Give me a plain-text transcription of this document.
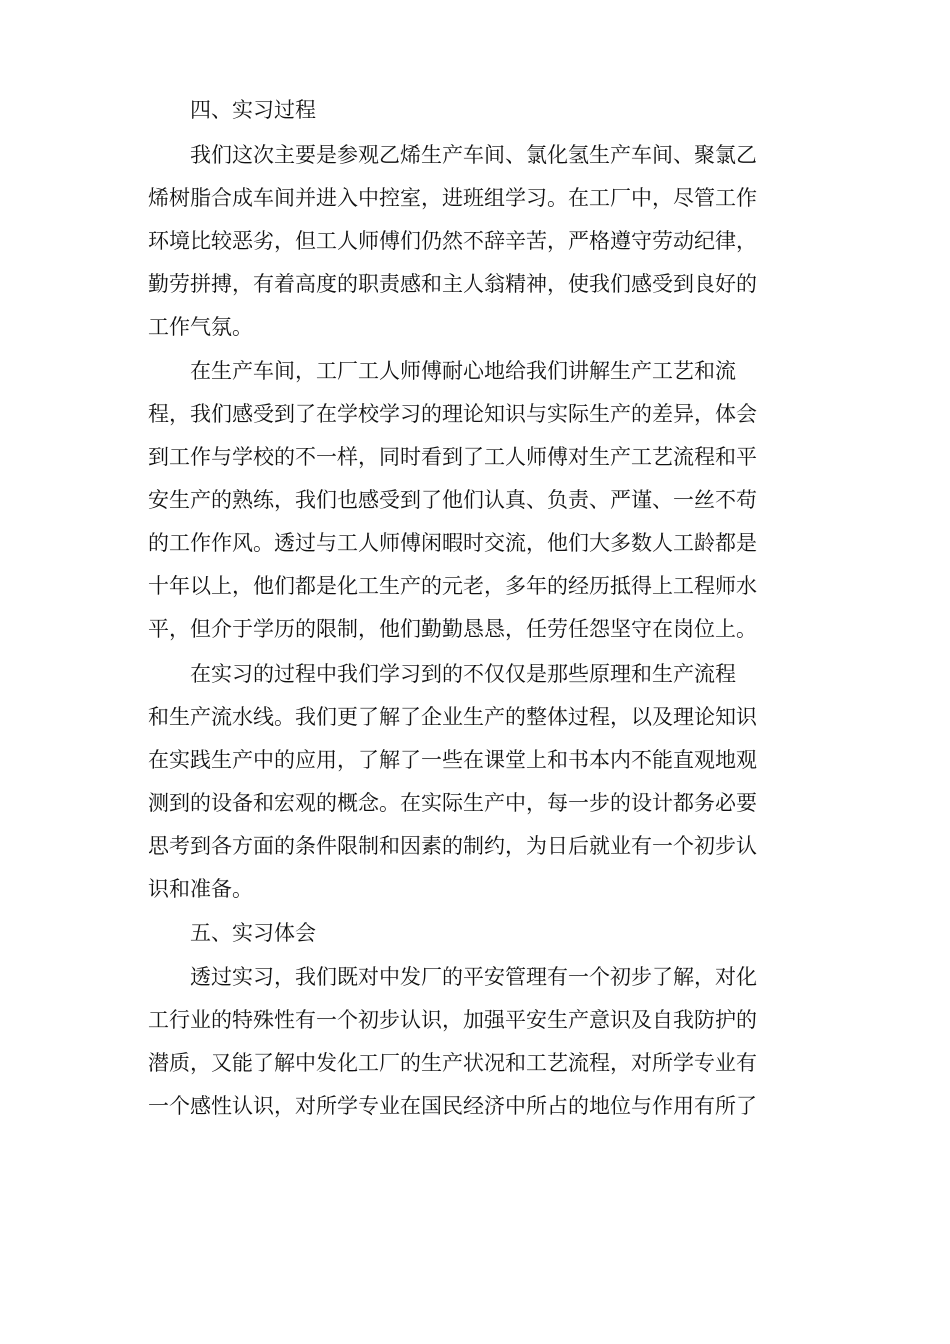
四、实习过程
我们这次主要是参观乙烯生产车间、氯化氢生产车间、聚氯乙
烯树脂合成车间并进入中控室，进班组学习。在工厂中，尽管工作
环境比较恶劣，但工人师傅们仍然不辞辛苦，严格遵守劳动纪律，
勤劳拼搏，有着高度的职责感和主人翁精神，使我们感受到良好的
工作气氛。
在生产车间，工厂工人师傅耐心地给我们讲解生产工艺和流
程，我们感受到了在学校学习的理论知识与实际生产的差异，体会
到工作与学校的不一样，同时看到了工人师傅对生产工艺流程和平
安生产的熟练，我们也感受到了他们认真、负责、严谨、一丝不苟
的工作作风。透过与工人师傅闲暇时交流，他们大多数人工龄都是
十年以上，他们都是化工生产的元老，多年的经历抵得上工程师水
平，但介于学历的限制，他们勤勤恳恳，任劳任怨坚守在岗位上。
在实习的过程中我们学习到的不仅仅是那些原理和生产流程
和生产流水线。我们更了解了企业生产的整体过程，以及理论知识
在实践生产中的应用，了解了一些在课堂上和书本内不能直观地观
测到的设备和宏观的概念。在实际生产中，每一步的设计都务必要
思考到各方面的条件限制和因素的制约，为日后就业有一个初步认
识和准备。
五、实习体会
透过实习，我们既对中发厂的平安管理有一个初步了解，对化
工行业的特殊性有一个初步认识，加强平安生产意识及自我防护的
潜质，又能了解中发化工厂的生产状况和工艺流程，对所学专业有
一个感性认识，对所学专业在国民经济中所占的地位与作用有所了
